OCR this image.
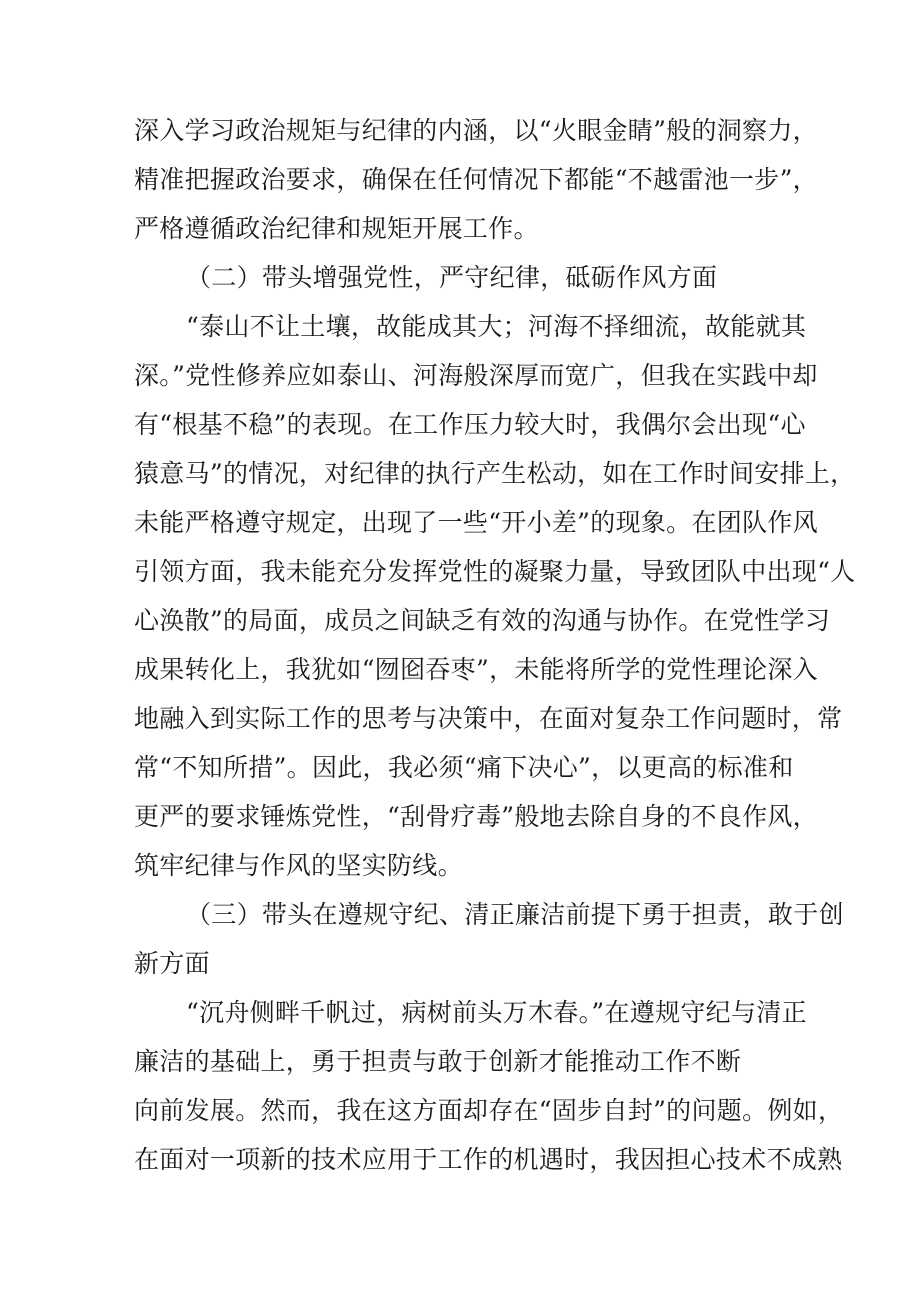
深入学习政治规矩与纪律的内涵，以“火眼金睛”般的洞察力，

精准把握政治要求，确保在任何情况下都能“不越雷池一步”，

严格遵循政治纪律和规矩开展工作。

（二）带头增强党性，严守纪律，砥砺作风方面

“泰山不让土壤，故能成其大；河海不择细流，故能就其

深。”党性修养应如泰山、河海般深厚而宽广，但我在实践中却

有“根基不稳”的表现。在工作压力较大时，我偶尔会出现“心

猿意马”的情况，对纪律的执行产生松动，如在工作时间安排上，

未能严格遵守规定，出现了一些“开小差”的现象。在团队作风

引领方面，我未能充分发挥党性的凝聚力量，导致团队中出现“人

心涣散”的局面，成员之间缺乏有效的沟通与协作。在党性学习

成果转化上，我犹如“囫囵吞枣”，未能将所学的党性理论深入

地融入到实际工作的思考与决策中，在面对复杂工作问题时，常

常“不知所措”。因此，我必须“痛下决心”，以更高的标准和

更严的要求锤炼党性，“刮骨疗毒”般地去除自身的不良作风，

筑牢纪律与作风的坚实防线。

（三）带头在遵规守纪、清正廉洁前提下勇于担责，敢于创

新方面

“沉舟侧畔千帆过，病树前头万木春。”在遵规守纪与清正

廉洁的基础上，勇于担责与敢于创新才能推动工作不断

向前发展。然而，我在这方面却存在“固步自封”的问题。例如，

在面对一项新的技术应用于工作的机遇时，我因担心技术不成熟
